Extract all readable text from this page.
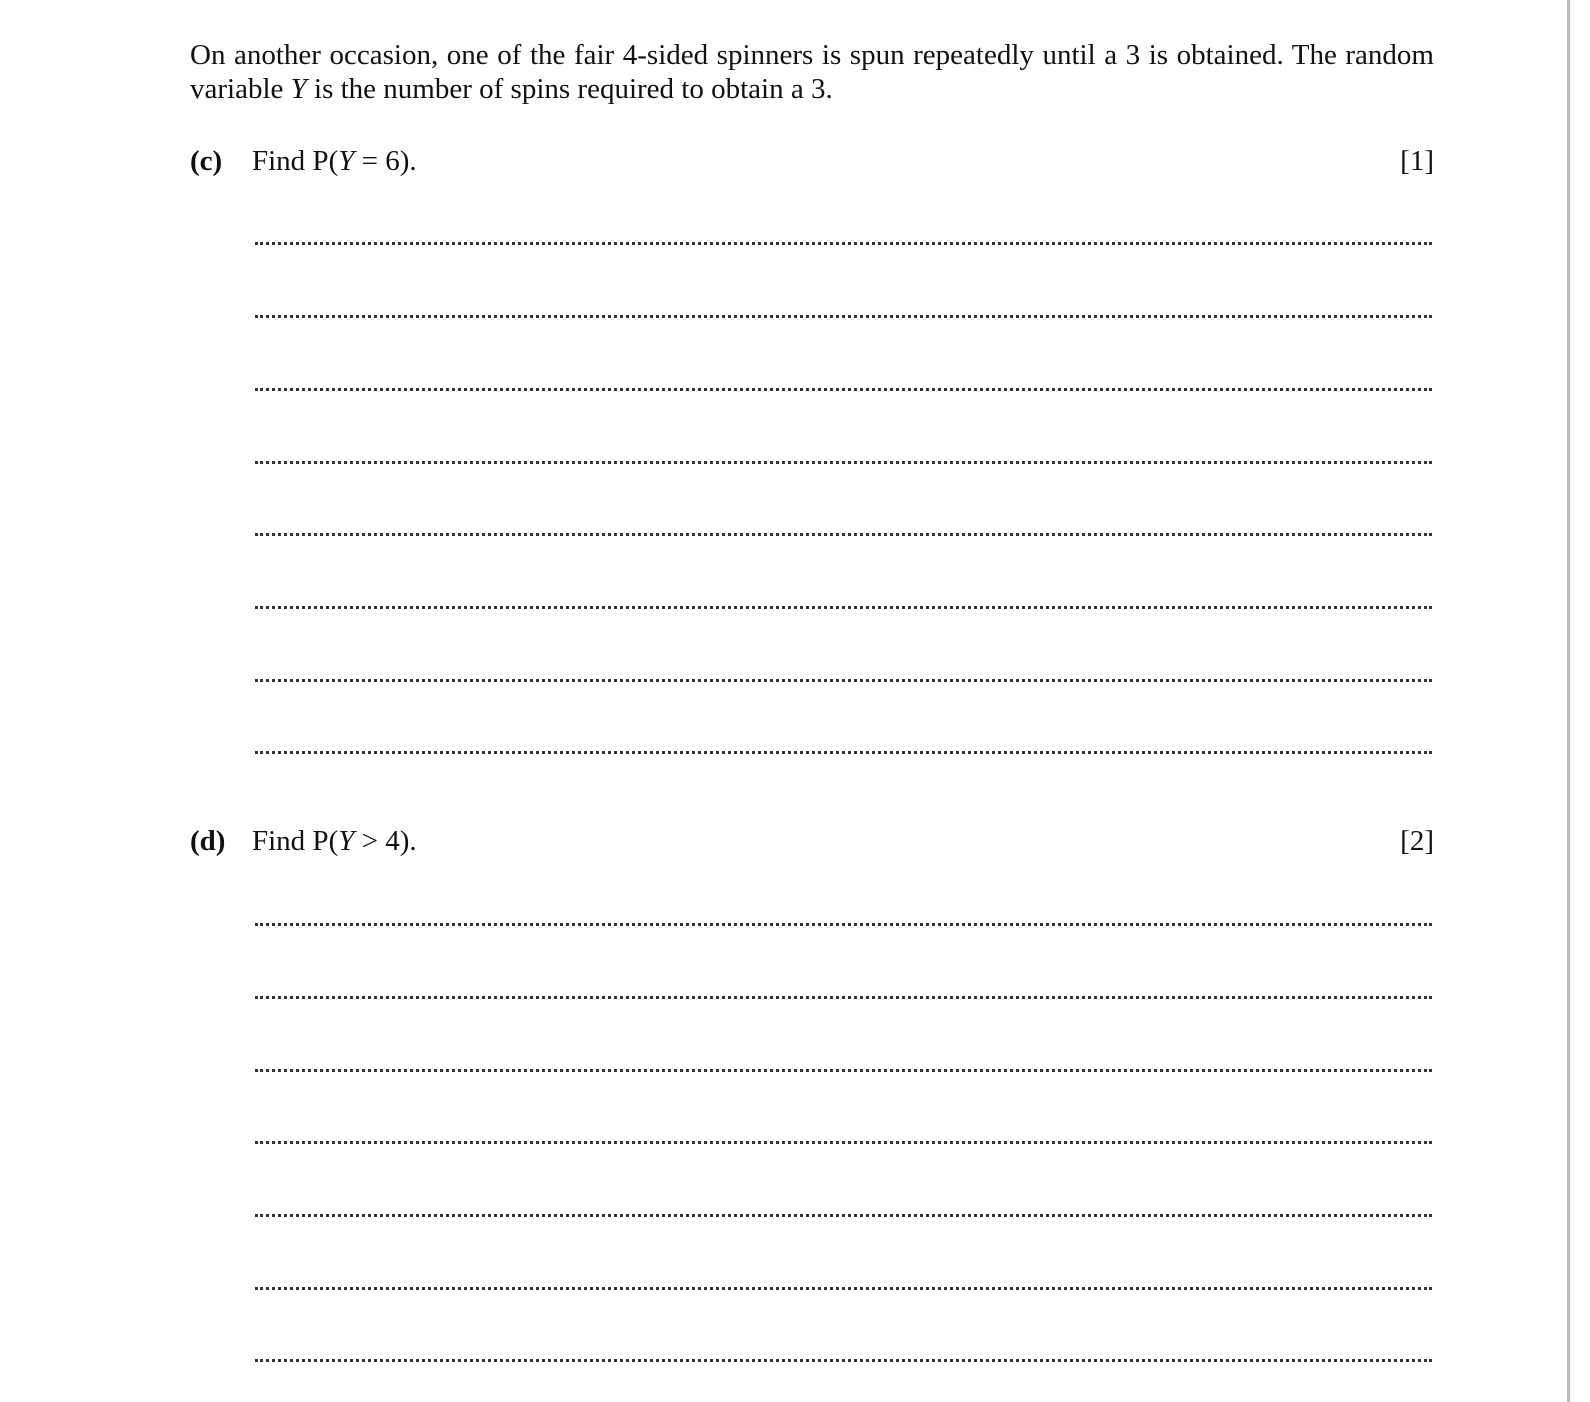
On another occasion, one of the fair 4-sided spinners is spun repeatedly until a 3 is obtained. The random variable Y is the number of spins required to obtain a 3.

(c) Find P(Y = 6).	[1]
(d) Find P(Y > 4).	[2]
